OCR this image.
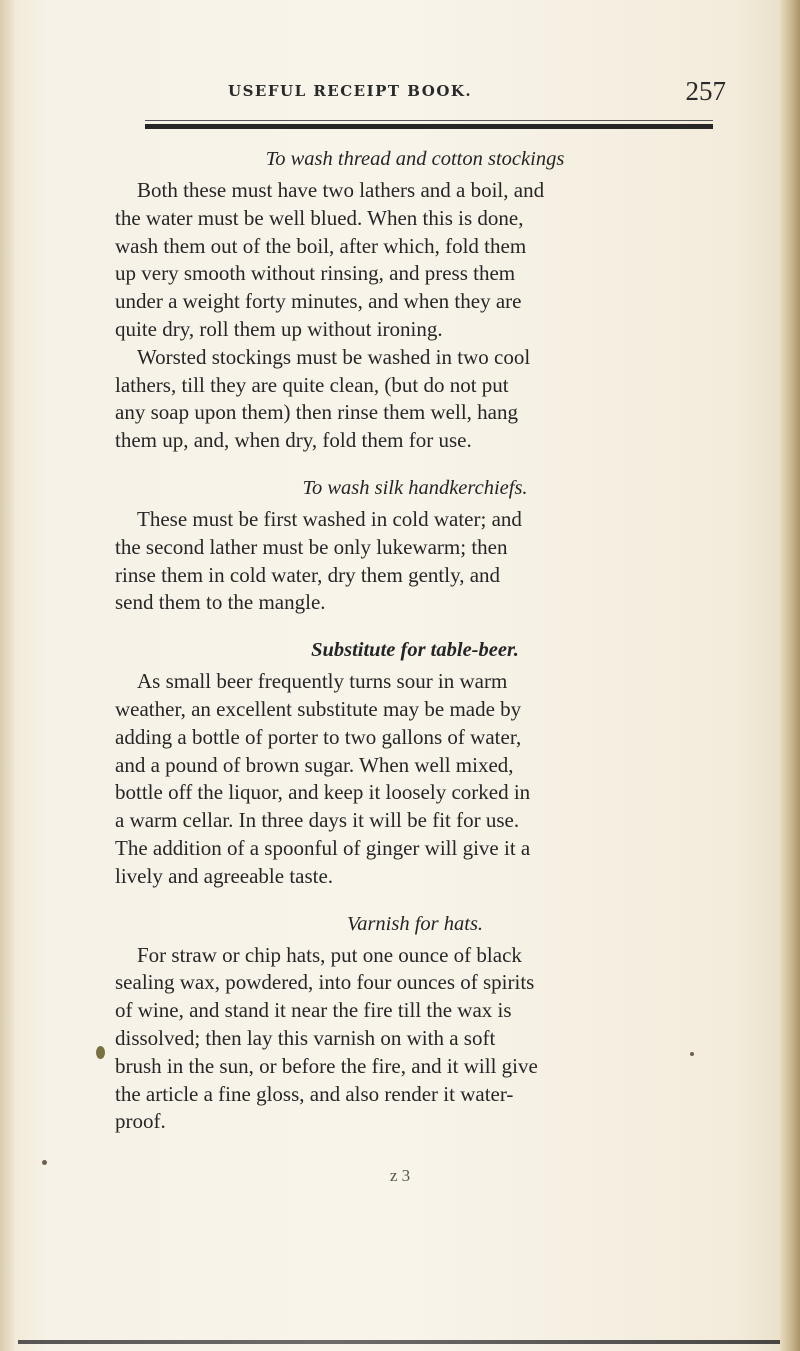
USEFUL RECEIPT BOOK.	257
To wash thread and cotton stockings
Both these must have two lathers and a boil, and
the water must be well blued. When this is done,
wash them out of the boil, after which, fold them
up very smooth without rinsing, and press them
under a weight forty minutes, and when they are
quite dry, roll them up without ironing.
Worsted stockings must be washed in two cool
lathers, till they are quite clean, (but do not put
any soap upon them) then rinse them well, hang
them up, and, when dry, fold them for use.
To wash silk handkerchiefs.
These must be first washed in cold water; and
the second lather must be only lukewarm; then
rinse them in cold water, dry them gently, and
send them to the mangle.
Substitute for table-beer.
As small beer frequently turns sour in warm
weather, an excellent substitute may be made by
adding a bottle of porter to two gallons of water,
and a pound of brown sugar. When well mixed,
bottle off the liquor, and keep it loosely corked in
a warm cellar. In three days it will be fit for use.
The addition of a spoonful of ginger will give it a
lively and agreeable taste.
Varnish for hats.
For straw or chip hats, put one ounce of black
sealing wax, powdered, into four ounces of spirits
of wine, and stand it near the fire till the wax is
dissolved; then lay this varnish on with a soft
brush in the sun, or before the fire, and it will give
the article a fine gloss, and also render it water-
proof.
z 3
